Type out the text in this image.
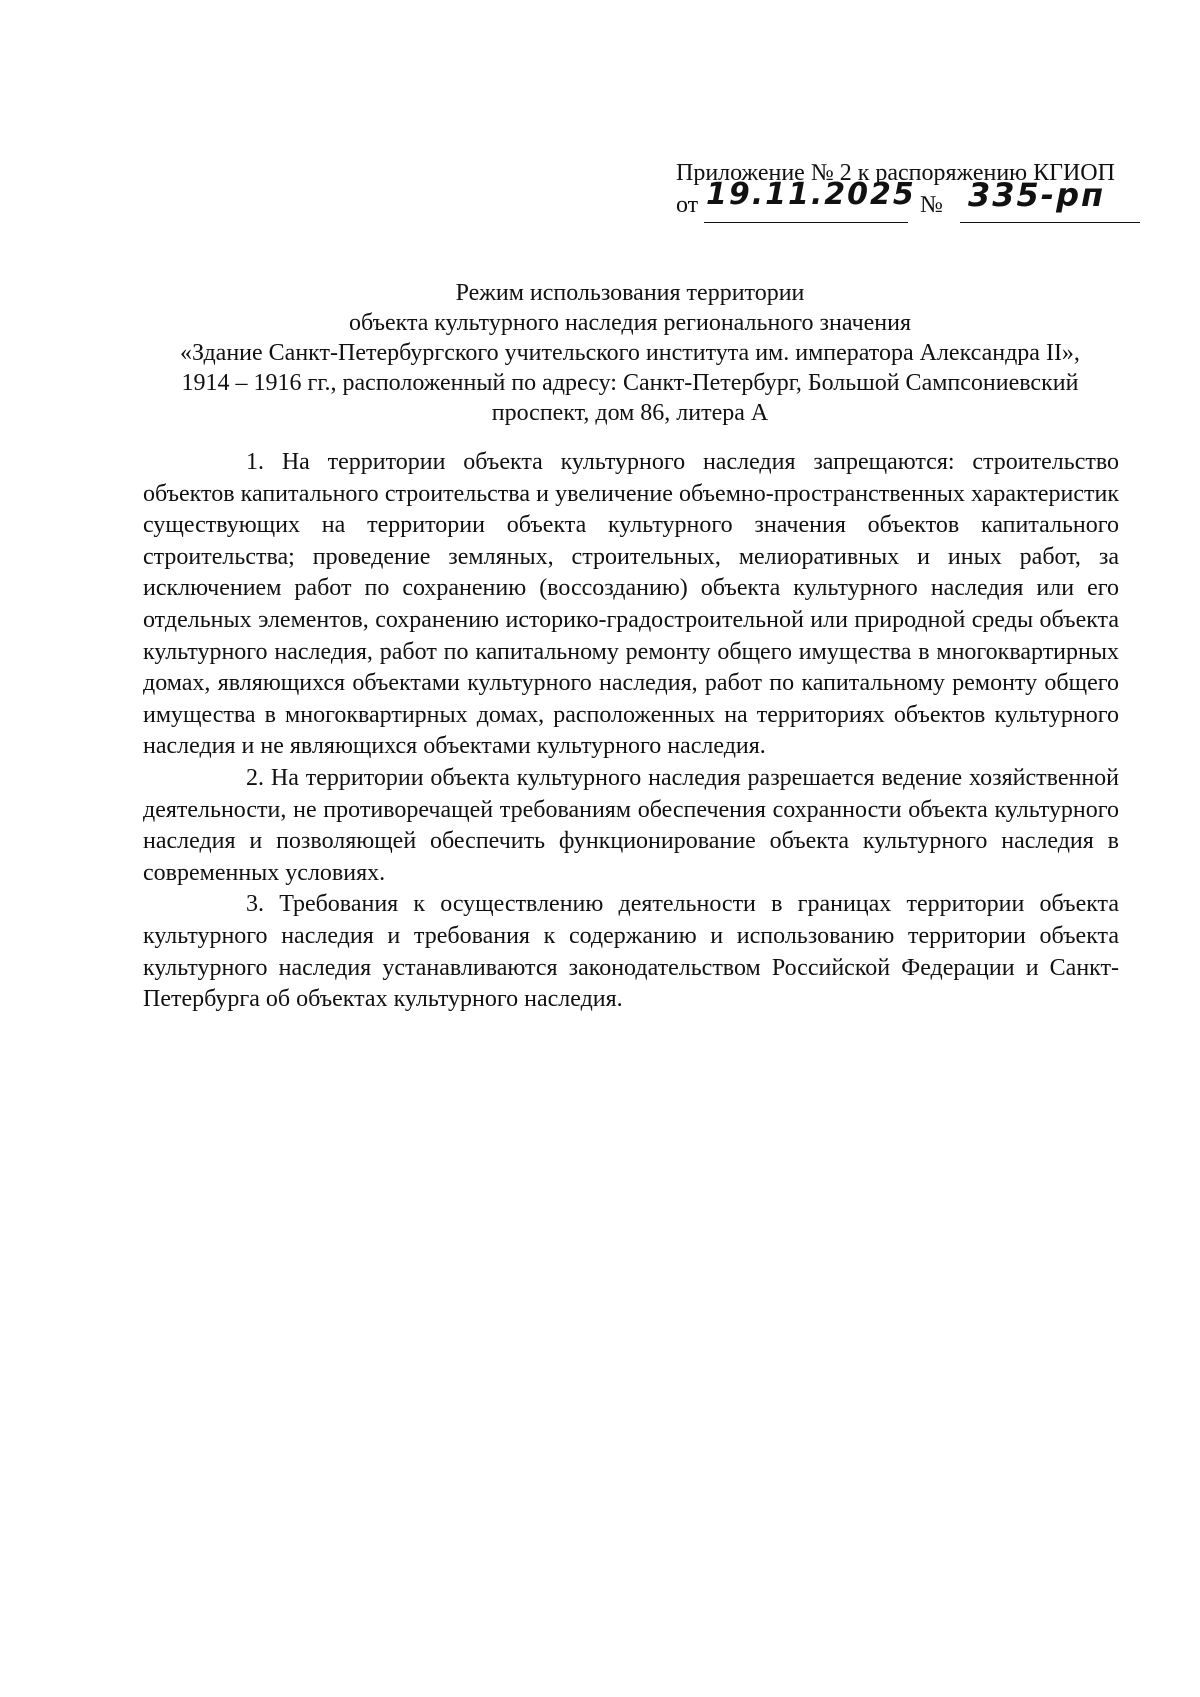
Приложение № 2 к распоряжению КГИОП
от 19.11.2025 № 335-рп
Режим использования территории
объекта культурного наследия регионального значения
«Здание Санкт-Петербургского учительского института им. императора Александра II»,
1914 – 1916 гг., расположенный по адресу: Санкт-Петербург, Большой Сампсониевский
проспект, дом 86, литера А

1. На территории объекта культурного наследия запрещаются: строительство объектов капитального строительства и увеличение объемно-пространственных характеристик существующих на территории объекта культурного значения объектов капитального строительства; проведение земляных, строительных, мелиоративных и иных работ, за исключением работ по сохранению (воссозданию) объекта культурного наследия или его отдельных элементов, сохранению историко-градостроительной или природной среды объекта культурного наследия, работ по капитальному ремонту общего имущества в многоквартирных домах, являющихся объектами культурного наследия, работ по капитальному ремонту общего имущества в многоквартирных домах, расположенных на территориях объектов культурного наследия и не являющихся объектами культурного наследия.

2. На территории объекта культурного наследия разрешается ведение хозяйственной деятельности, не противоречащей требованиям обеспечения сохранности объекта культурного наследия и позволяющей обеспечить функционирование объекта культурного наследия в современных условиях.

3. Требования к осуществлению деятельности в границах территории объекта культурного наследия и требования к содержанию и использованию территории объекта культурного наследия устанавливаются законодательством Российской Федерации и Санкт-Петербурга об объектах культурного наследия.
